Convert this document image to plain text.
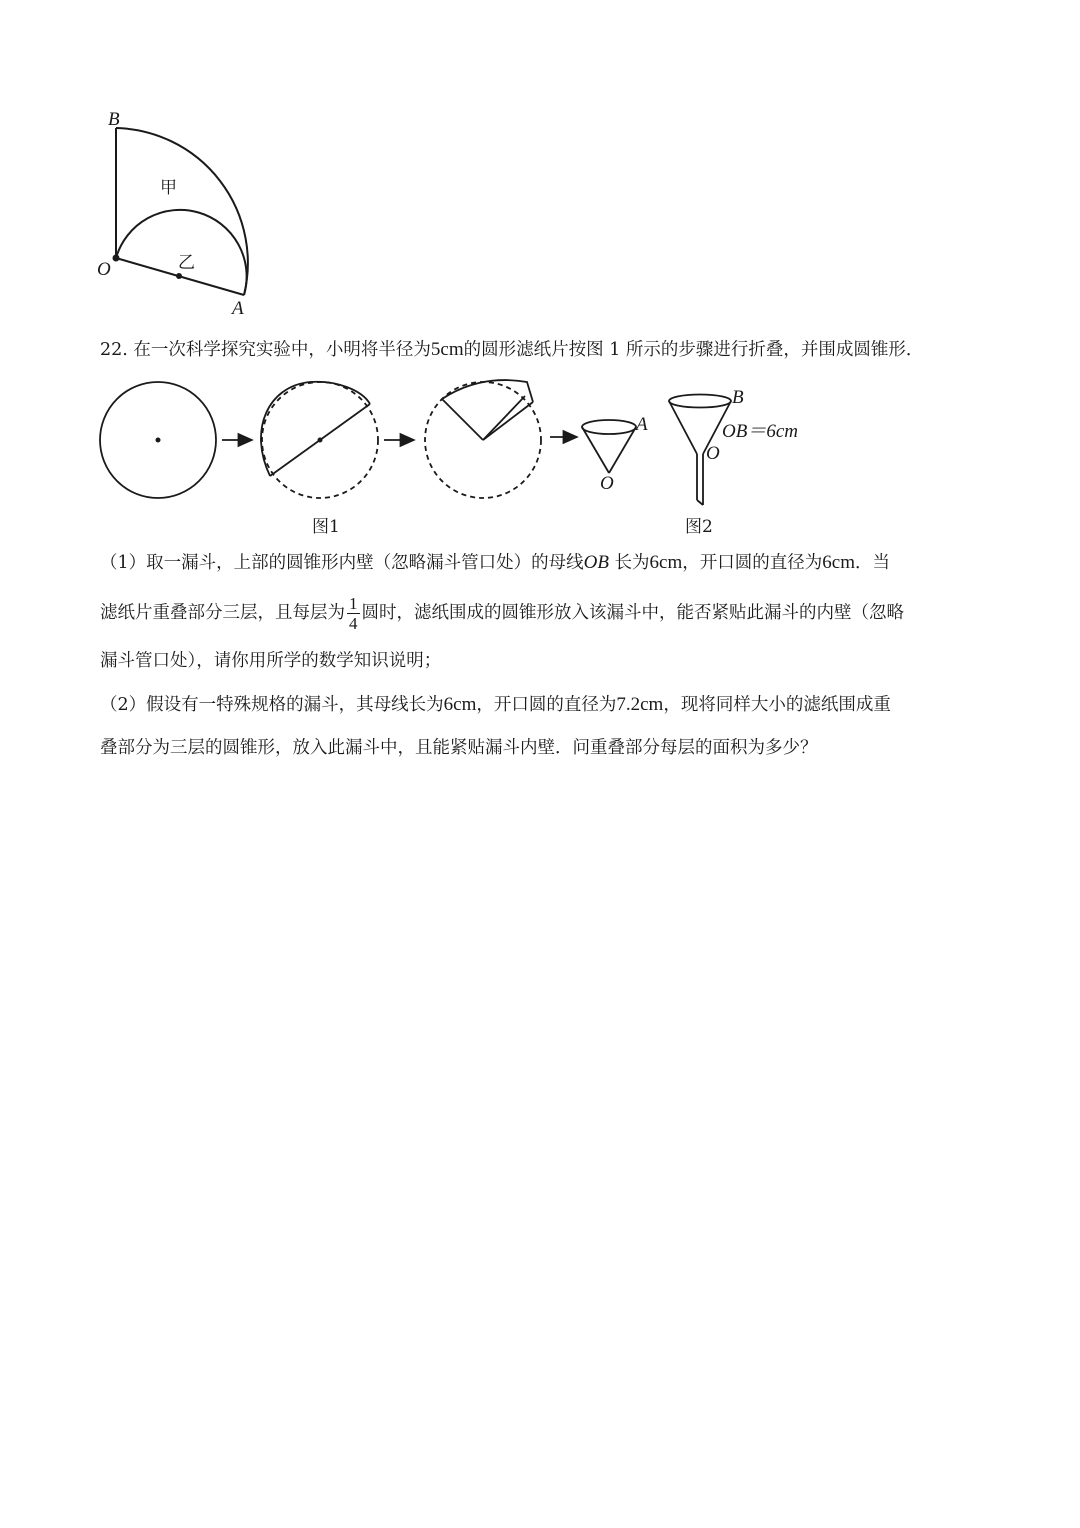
B
O
A
甲
乙
22. 在一次科学探究实验中，小明将半径为5cm的圆形滤纸片按图 1 所示的步骤进行折叠，并围成圆锥形．
A
O
B
O
OB＝6cm
图1	图2
（1）取一漏斗，上部的圆锥形内壁（忽略漏斗管口处）的母线OB 长为6cm，开口圆的直径为6cm．当
滤纸片重叠部分三层，且每层为 $\frac{1}{4}$ 圆时，滤纸围成的圆锥形放入该漏斗中，能否紧贴此漏斗的内壁（忽略
漏斗管口处），请你用所学的数学知识说明；
（2）假设有一特殊规格的漏斗，其母线长为6cm，开口圆的直径为7.2cm，现将同样大小的滤纸围成重
叠部分为三层的圆锥形，放入此漏斗中，且能紧贴漏斗内壁．问重叠部分每层的面积为多少？
